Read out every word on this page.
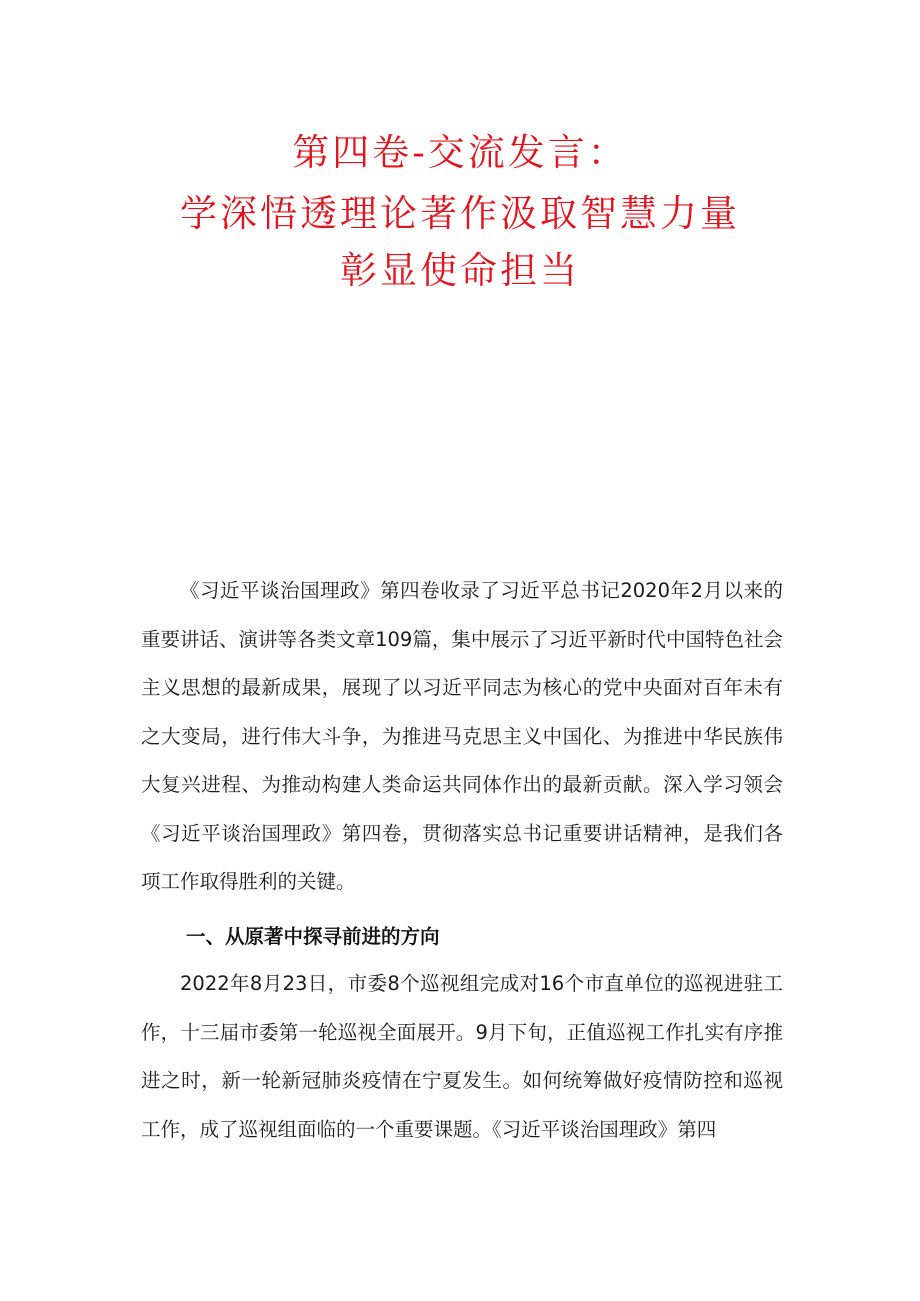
第四卷-交流发言：
学深悟透理论著作汲取智慧力量
彰显使命担当

《习近平谈治国理政》第四卷收录了习近平总书记2020年2月以来的重要讲话、演讲等各类文章109篇，集中展示了习近平新时代中国特色社会主义思想的最新成果，展现了以习近平同志为核心的党中央面对百年未有之大变局，进行伟大斗争，为推进马克思主义中国化、为推进中华民族伟大复兴进程、为推动构建人类命运共同体作出的最新贡献。深入学习领会《习近平谈治国理政》第四卷，贯彻落实总书记重要讲话精神，是我们各项工作取得胜利的关键。

一、从原著中探寻前进的方向

2022年8月23日，市委8个巡视组完成对16个市直单位的巡视进驻工作，十三届市委第一轮巡视全面展开。9月下旬，正值巡视工作扎实有序推进之时，新一轮新冠肺炎疫情在宁夏发生。如何统筹做好疫情防控和巡视工作，成了巡视组面临的一个重要课题。《习近平谈治国理政》第四
